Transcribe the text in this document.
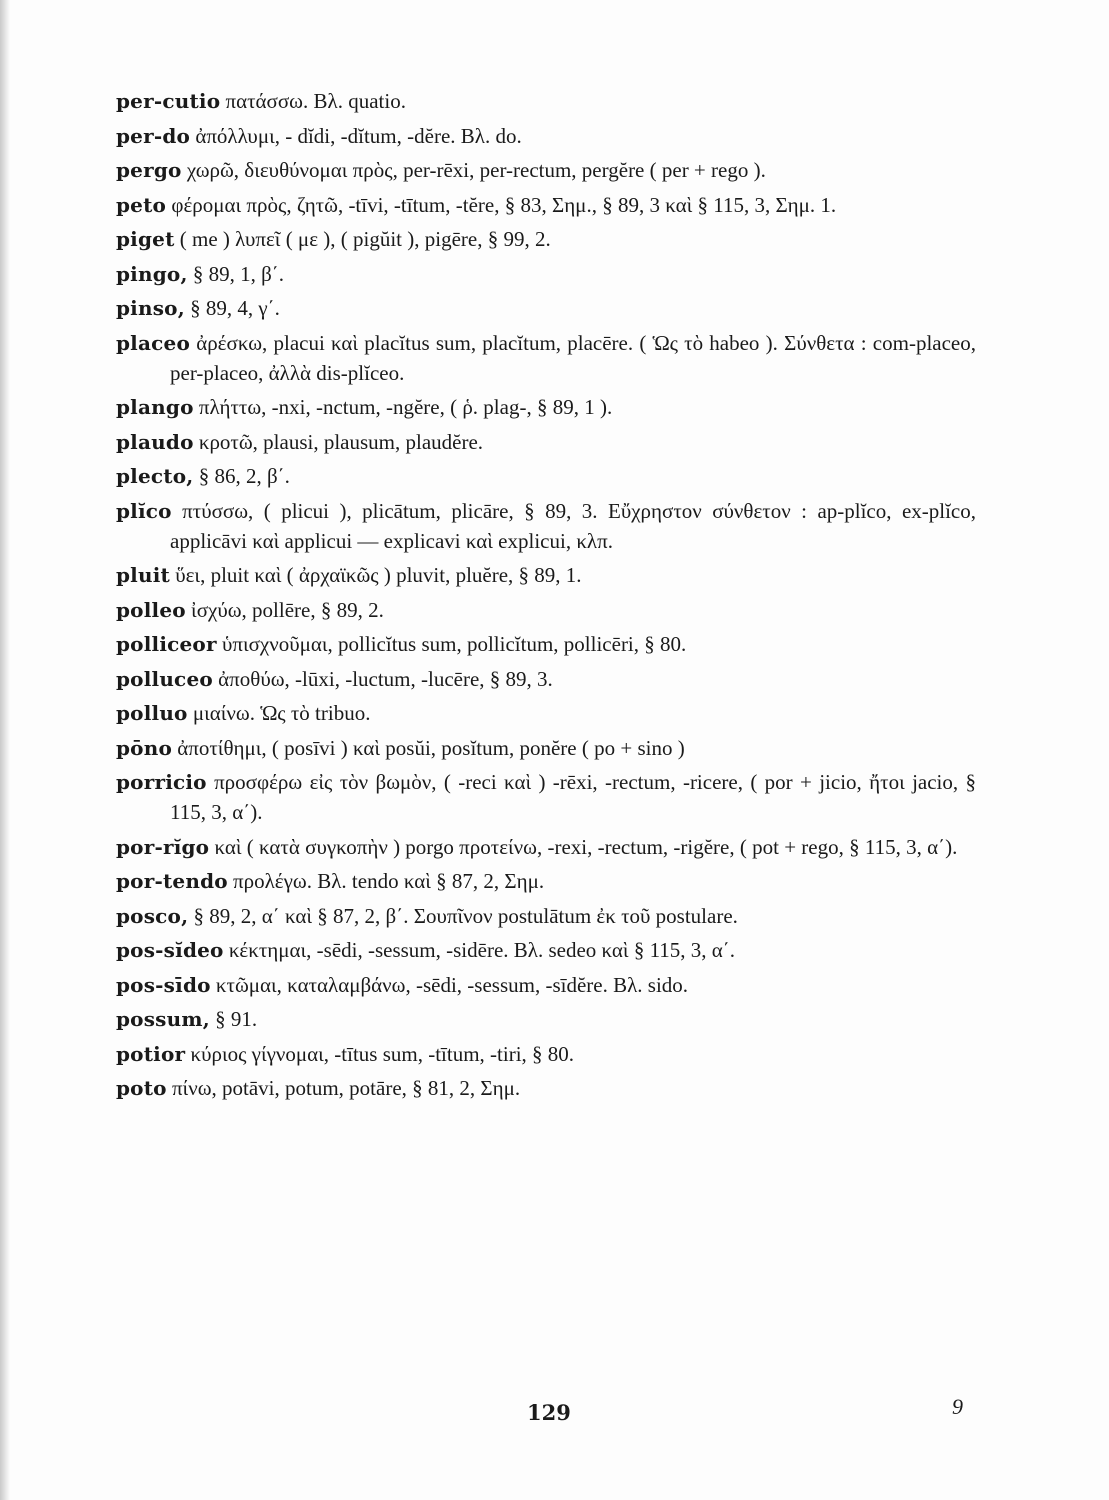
per-cutio πατάσσω. Βλ. quatio.

per-do ἀπόλλυμι, - dĭdi, -dĭtum, -dĕre. Βλ. do.

pergo χωρῶ, διευθύνομαι πρὸς, per-rēxi, per-rectum, pergĕre ( per + rego ).

peto φέρομαι πρὸς, ζητῶ, -tīvi, -tītum, -tĕre, § 83, Σημ., § 89, 3 καὶ § 115, 3, Σημ. 1.

piget ( me ) λυπεῖ ( με ), ( pigŭit ), pigēre, § 99, 2.

pingo, § 89, 1, β΄.

pinso, § 89, 4, γ΄.

placeo ἀρέσκω, placui καὶ placĭtus sum, placĭtum, placēre. ( Ὡς τὸ habeo ). Σύνθετα : com-placeo, per-placeo, ἀλλὰ dis-plĭceo.

plango πλήττω, -nxi, -nctum, -ngĕre, ( ῥ. plag-, § 89, 1 ).

plaudo κροτῶ, plausi, plausum, plaudĕre.

plecto, § 86, 2, β΄.

plĭco πτύσσω, ( plicui ), plicātum, plicāre, § 89, 3. Εὔχρηστον σύνθετον : ap-plĭco, ex-plĭco, applicāvi καὶ applicui — explicavi καὶ explicui, κλπ.

pluit ὕει, pluit καὶ ( ἀρχαϊκῶς ) pluvit, pluĕre, § 89, 1.

polleo ἰσχύω, pollēre, § 89, 2.

polliceor ὑπισχνοῦμαι, pollicĭtus sum, pollicĭtum, pollicēri, § 80.

polluceo ἀποθύω, -lūxi, -luctum, -lucēre, § 89, 3.

polluo μιαίνω. Ὡς τὸ tribuo.

pōno ἀποτίθημι, ( posīvi ) καὶ posŭi, posĭtum, ponĕre ( po + sino )

porricio προσφέρω εἰς τὸν βωμὸν, ( -reci καὶ ) -rēxi, -rectum, -ricere, ( por + jicio, ἤτοι jacio, § 115, 3, α΄).

por-rĭgo καὶ ( κατὰ συγκοπὴν ) porgo προτείνω, -rexi, -rectum, -rigĕre, ( pot + rego, § 115, 3, α΄).

por-tendo προλέγω. Βλ. tendo καὶ § 87, 2, Σημ.

posco, § 89, 2, α΄ καὶ § 87, 2, β΄. Σουπῖνον postulātum ἐκ τοῦ postulare.

pos-sĭdeo κέκτημαι, -sēdi, -sessum, -sidēre. Βλ. sedeo καὶ § 115, 3, α΄.

pos-sīdo κτῶμαι, καταλαμβάνω, -sēdi, -sessum, -sīdĕre. Βλ. sido.

possum, § 91.

potior κύριος γίγνομαι, -tītus sum, -tītum, -tiri, § 80.

poto πίνω, potāvi, potum, potāre, § 81, 2, Σημ.

129	9
